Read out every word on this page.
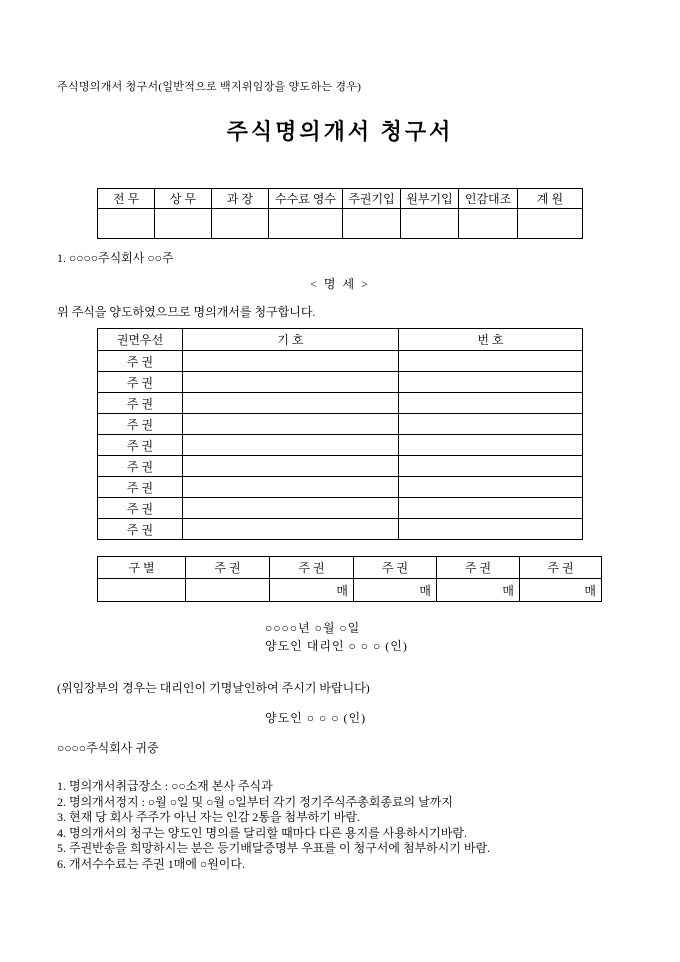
주식명의개서 청구서(일반적으로 백지위임장을 양도하는 경우)
주식명의개서 청구서
전 무	상 무	과 장	수수료 영수	주권기입	원부기입	인감대조	계 원

1. ○○○○주식회사 ○○주
< 명 세 >
위 주식을 양도하였으므로 명의개서를 청구합니다.
권면우선	기 호	번 호
주 권		
주 권		
주 권		
주 권		
주 권		
주 권		
주 권		
주 권		
주 권		
구 별	주 권	주 권	주 권	주 권	주 권
		매	매	매	매
○○○○년 ○월 ○일
양도인 대리인 ○ ○ ○ (인)
(위임장부의 경우는 대리인이 기명날인하여 주시기 바랍니다)
양도인 ○ ○ ○ (인)
○○○○주식회사 귀중
1. 명의개서취급장소 : ○○소재 본사 주식과
2. 명의개서정지 : ○월 ○일 및 ○월 ○일부터 각기 정기주식주총회종료의 날까지
3. 현재 당 회사 주주가 아닌 자는 인감 2통을 첨부하기 바람.
4. 명의개서의 청구는 양도인 명의를 달리할 때마다 다른 용지를 사용하시기바람.
5. 주권반송을 희망하시는 분은 등기배달증명부 우표를 이 청구서에 첨부하시기 바람.
6. 개서수수료는 주권 1매에 ○원이다.
